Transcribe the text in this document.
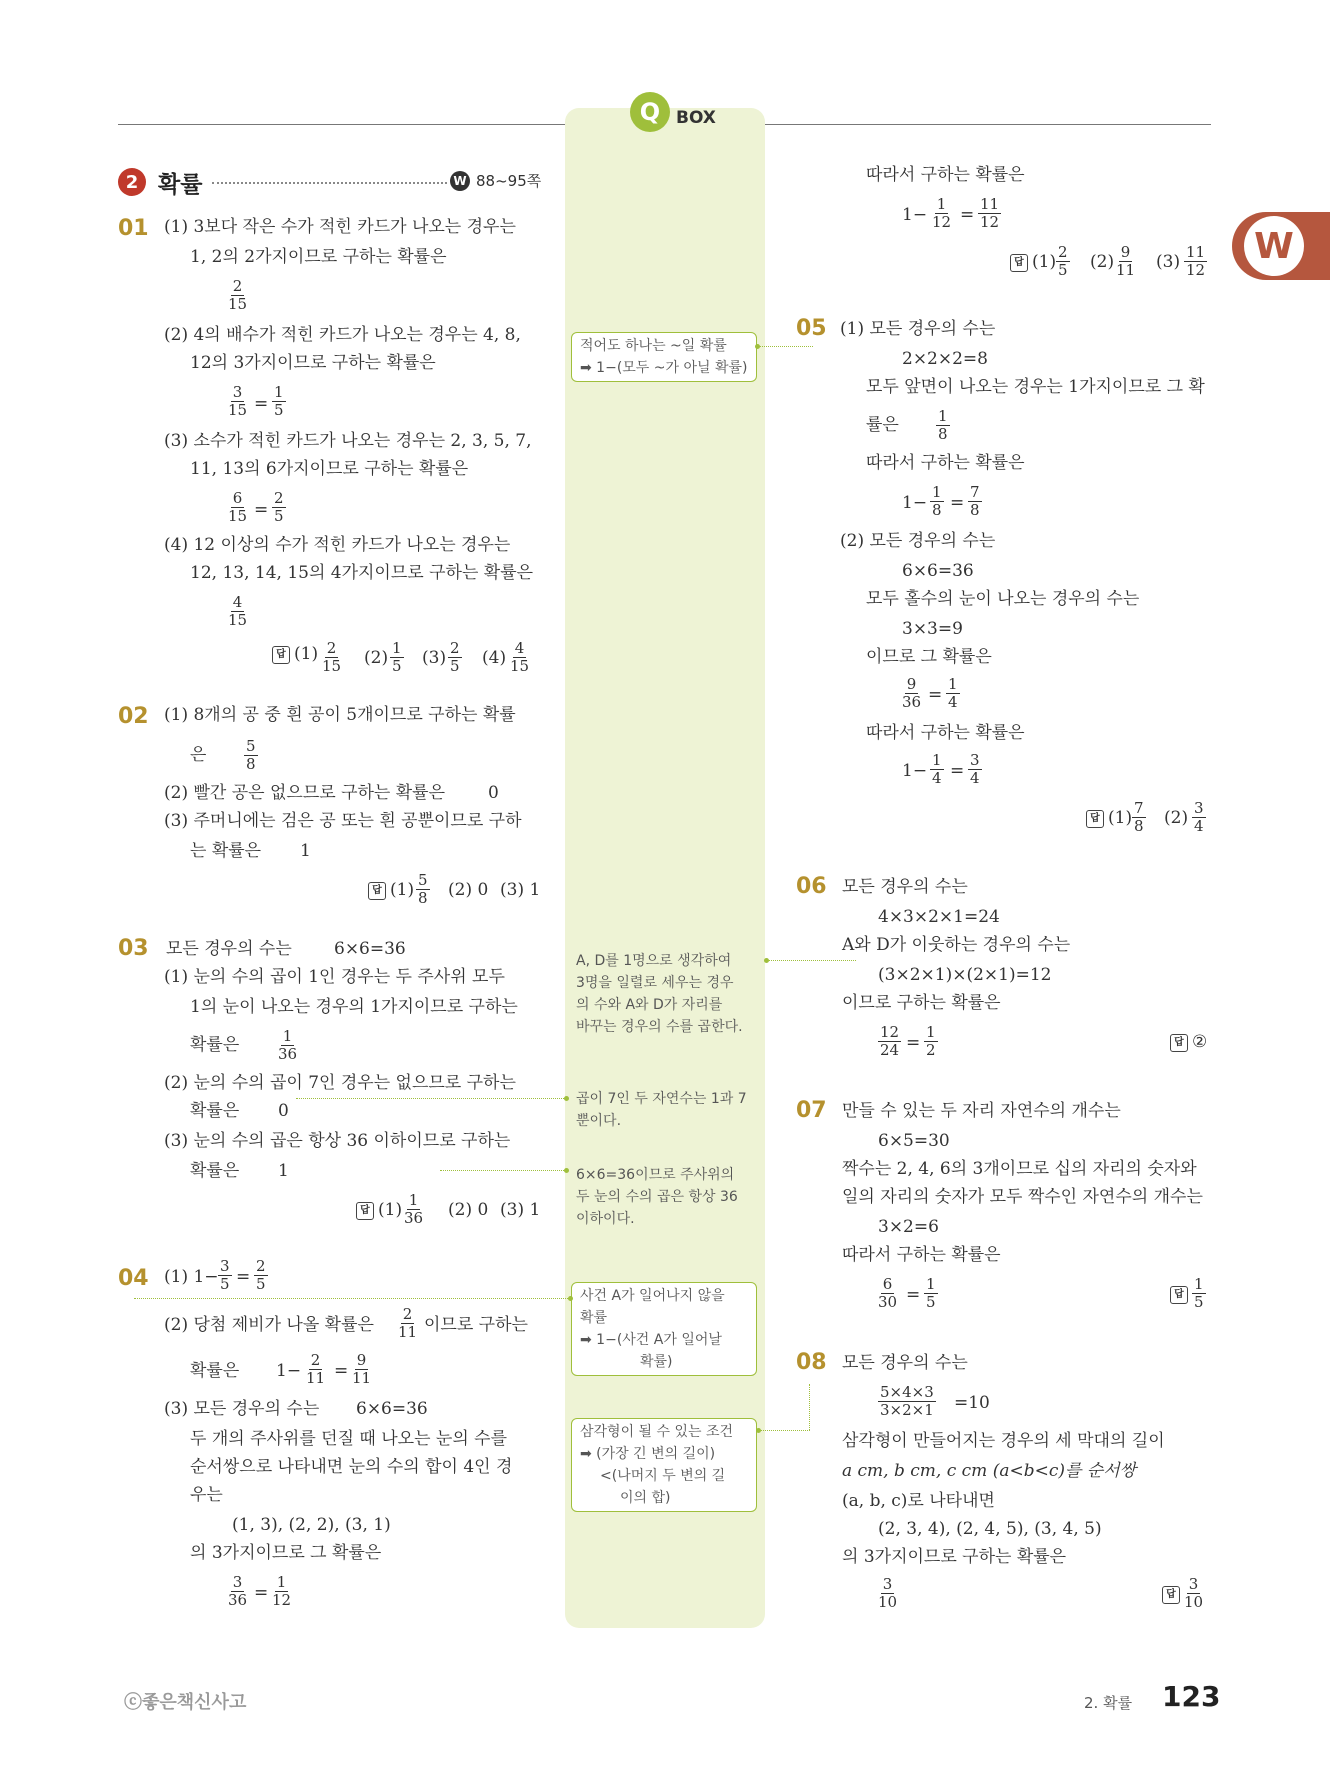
Q BOX
W
2 확률	W 88~95쪽
01 (1) 3보다 작은 수가 적힌 카드가 나오는 경우는
1, 2의 2가지이므로 구하는 확률은
$\frac{2}{15}$
(2) 4의 배수가 적힌 카드가 나오는 경우는 4, 8,
12의 3가지이므로 구하는 확률은
$\frac{3}{15} = \frac{1}{5}$
(3) 소수가 적힌 카드가 나오는 경우는 2, 3, 5, 7,
11, 13의 6가지이므로 구하는 확률은
$\frac{6}{15} = \frac{2}{5}$
(4) 12 이상의 수가 적힌 카드가 나오는 경우는
12, 13, 14, 15의 4가지이므로 구하는 확률은
$\frac{4}{15}$
답 $(1) \frac{2}{15} (2) \frac{1}{5} (3) \frac{2}{5} (4) \frac{4}{15}$
02 (1) 8개의 공 중 흰 공이 5개이므로 구하는 확률
은	$\frac{5}{8}$
(2) 빨간 공은 없으므로 구하는 확률은	0
(3) 주머니에는 검은 공 또는 흰 공뿐이므로 구하
는 확률은 1
답 $(1) \frac{5}{8} (2)$ 0 (3) 1
03 모든 경우의 수는 6×6=36
(1) 눈의 수의 곱이 1인 경우는 두 주사위 모두
1의 눈이 나오는 경우의 1가지이므로 구하는
확률은	$\frac{1}{36}$
(2) 눈의 수의 곱이 7인 경우는 없으므로 구하는
확률은 0
(3) 눈의 수의 곱은 항상 36 이하이므로 구하는
확률은 1
답 $(1) \frac{1}{36} (2)$ 0 (3) 1
04 (1) $1- \frac{3}{5} = \frac{2}{5}$
(2) 당첨 제비가 나올 확률은 $\frac{2}{11}$ 이므로 구하는
확률은 $1- \frac{2}{11} = \frac{9}{11}$
(3) 모든 경우의 수는 6×6=36
두 개의 주사위를 던질 때 나오는 눈의 수를
순서쌍으로 나타내면 눈의 수의 합이 4인 경
우는
(1, 3), (2, 2), (3, 1)
의 3가지이므로 그 확률은
$\frac{3}{36} = \frac{1}{12}$
적어도 하나는 ~일 확률
➡ 1−(모두 ~가 아닐 확률)
A, D를 1명으로 생각하여
3명을 일렬로 세우는 경우
의 수와 A와 D가 자리를
바꾸는 경우의 수를 곱한다.
곱이 7인 두 자연수는 1과 7
뿐이다.
6×6=36이므로 주사위의
두 눈의 수의 곱은 항상 36
이하이다.
사건 A가 일어나지 않을
확률
➡ 1−(사건 A가 일어날
확률)
삼각형이 될 수 있는 조건
➡ (가장 긴 변의 길이)
<(나머지 두 변의 길
이의 합)
따라서 구하는 확률은
$1- \frac{1}{12} = \frac{11}{12}$
답 $(1) \frac{2}{5} (2) \frac{9}{11} (3) \frac{11}{12}$
05 (1) 모든 경우의 수는
2×2×2=8
모두 앞면이 나오는 경우는 1가지이므로 그 확
률은 $\frac{1}{8}$
따라서 구하는 확률은
$1- \frac{1}{8} = \frac{7}{8}$
(2) 모든 경우의 수는
6×6=36
모두 홀수의 눈이 나오는 경우의 수는
3×3=9
이므로 그 확률은
$\frac{9}{36} = \frac{1}{4}$
따라서 구하는 확률은
$1- \frac{1}{4} = \frac{3}{4}$
답 $(1) \frac{7}{8} (2) \frac{3}{4}$
06 모든 경우의 수는
4×3×2×1=24
A와 D가 이웃하는 경우의 수는
(3×2×1)×(2×1)=12
이므로 구하는 확률은
$\frac{12}{24} = \frac{1}{2}$	답 ②
07 만들 수 있는 두 자리 자연수의 개수는
6×5=30
짝수는 2, 4, 6의 3개이므로 십의 자리의 숫자와
일의 자리의 숫자가 모두 짝수인 자연수의 개수는
3×2=6
따라서 구하는 확률은
$\frac{6}{30} = \frac{1}{5}$	답 $\frac{1}{5}$
08 모든 경우의 수는
$\frac{5\times 4\times 3}{3\times 2\times 1} =10$
삼각형이 만들어지는 경우의 세 막대의 길이
a cm, b cm, c cm (a<b<c)를 순서쌍
(a, b, c)로 나타내면
(2, 3, 4), (2, 4, 5), (3, 4, 5)
의 3가지이므로 구하는 확률은
$\frac{3}{10}$	답 $\frac{3}{10}$
ⓒ좋은책신사고	2. 확률 123
